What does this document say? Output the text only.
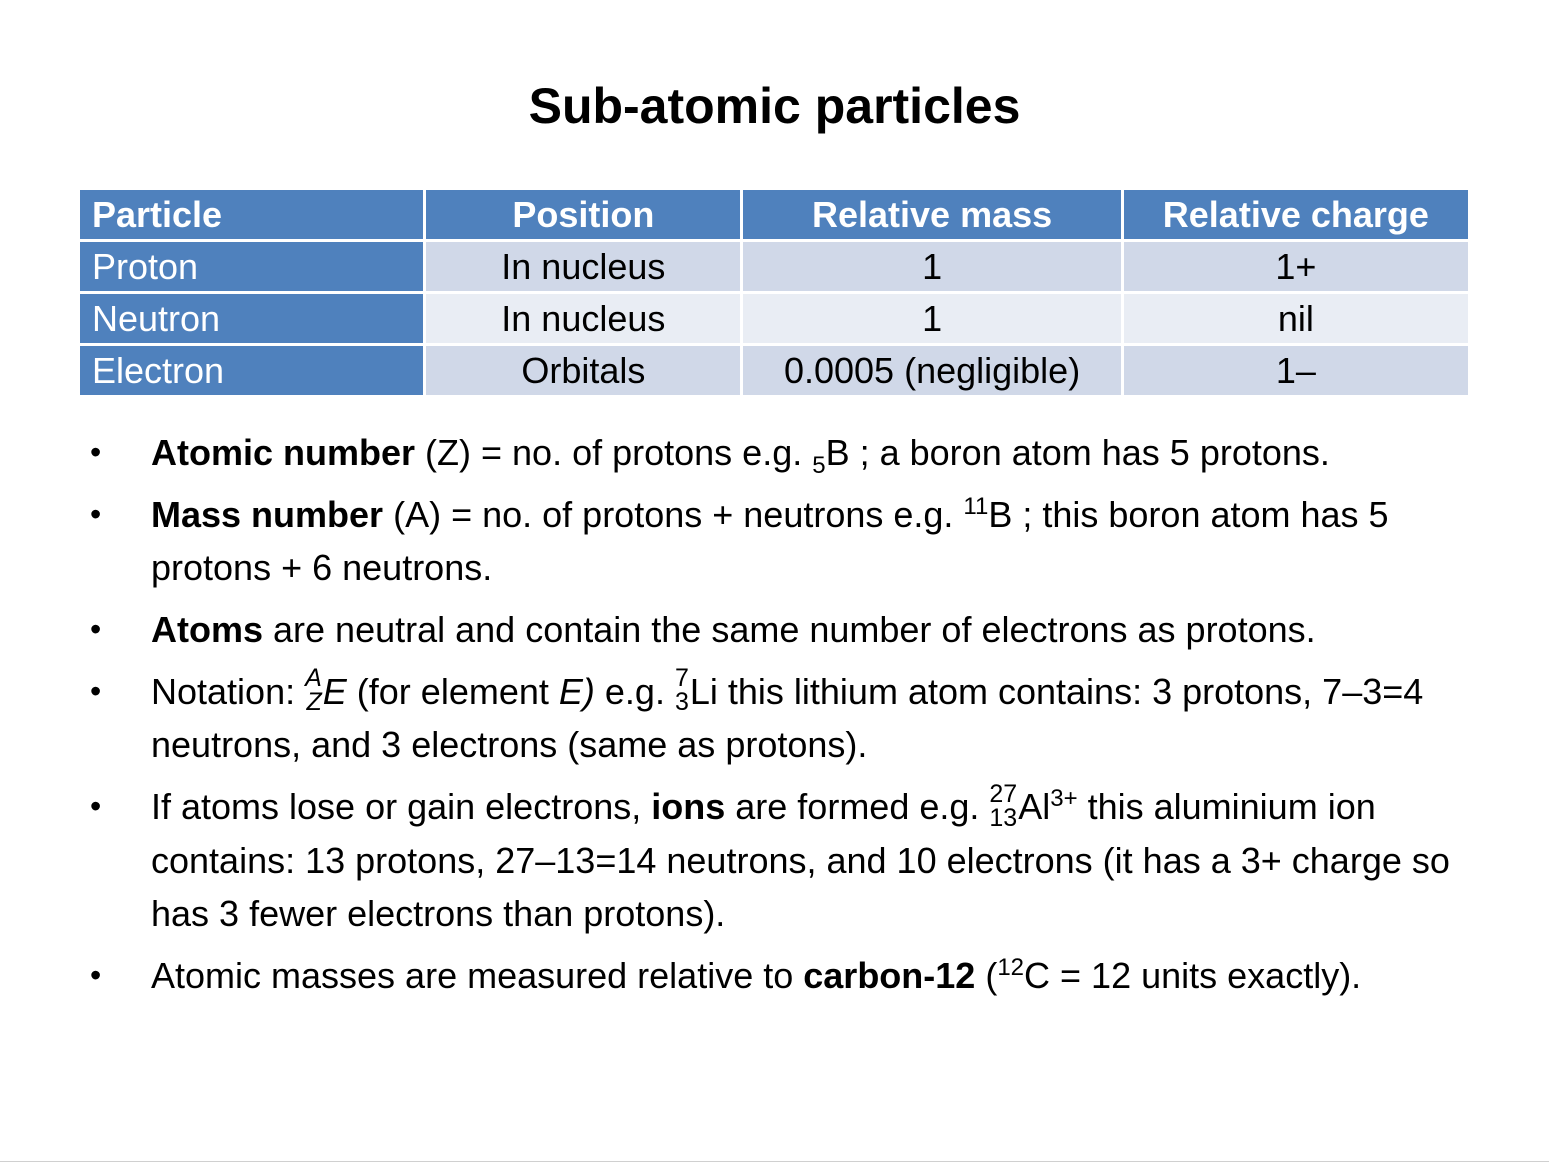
Sub-atomic particles
Particle	Position	Relative mass	Relative charge
Proton	In nucleus	1	1+
Neutron	In nucleus	1	nil
Electron	Orbitals	0.0005 (negligible)	1–
• Atomic number (Z) = no. of protons e.g. $_5$B ; a boron atom has 5 protons.
• Mass number (A) = no. of protons + neutrons e.g. $^{11}$B ; this boron atom has 5 protons + 6 neutrons.
• Atoms are neutral and contain the same number of electrons as protons.
• Notation: A
Z E (for element E) e.g. 7
3 Li this lithium atom contains: 3 protons, 7–3=4 neutrons, and 3 electrons (same as protons).
• If atoms lose or gain electrons, ions are formed e.g. 27
13 $Al^{3+}$ this aluminium ion contains: 13 protons, 27–13=14 neutrons, and 10 electrons (it has a 3+ charge so has 3 fewer electrons than protons).
• Atomic masses are measured relative to carbon-12 ($^{12}$C = 12 units exactly).
